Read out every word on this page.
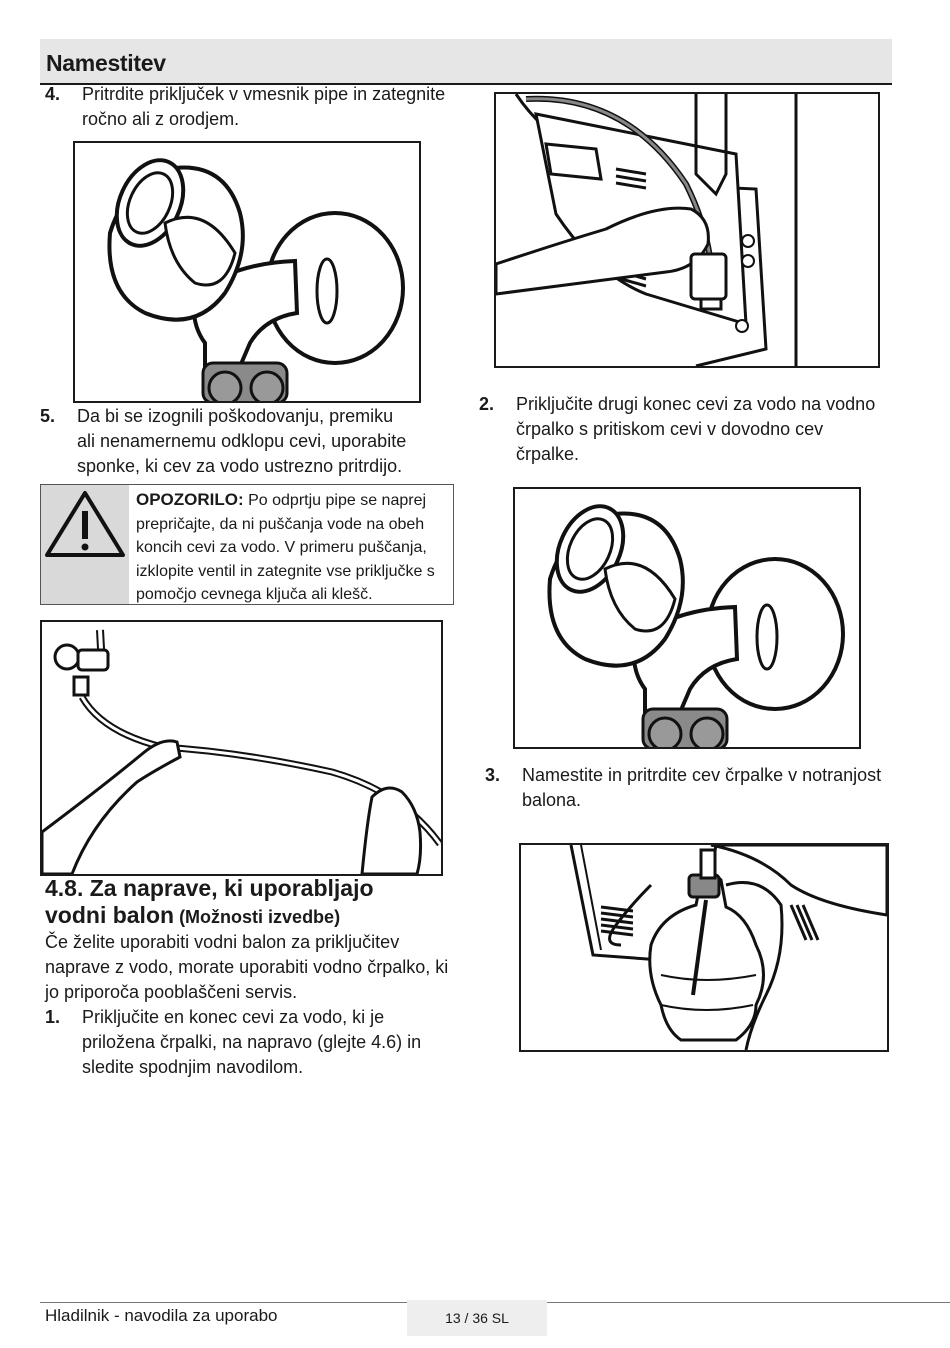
Namestitev
4. Pritrdite priključek v vmesnik pipe in zategnite
ročno ali z orodjem.
5. Da bi se izognili poškodovanju, premiku
ali nenamernemu odklopu cevi, uporabite
sponke, ki cev za vodo ustrezno pritrdijo.
OPOZORILO: Po odprtju pipe se naprej prepričajte, da ni puščanja vode na obeh koncih cevi za vodo. V primeru puščanja, izklopite ventil in zategnite vse priključke s pomočjo cevnega ključa ali klešč.
4.8. Za naprave, ki uporabljajo
vodni balon (Možnosti izvedbe)
Če želite uporabiti vodni balon za priključitev
naprave z vodo, morate uporabiti vodno črpalko, ki
jo priporoča pooblaščeni servis.
1. Priključite en konec cevi za vodo, ki je
priložena črpalki, na napravo (glejte 4.6) in
sledite spodnjim navodilom.
2. Priključite drugi konec cevi za vodo na vodno
črpalko s pritiskom cevi v dovodno cev
črpalke.
3. Namestite in pritrdite cev črpalke v notranjost
balona.
Hladilnik - navodila za uporabo	13 / 36 SL
